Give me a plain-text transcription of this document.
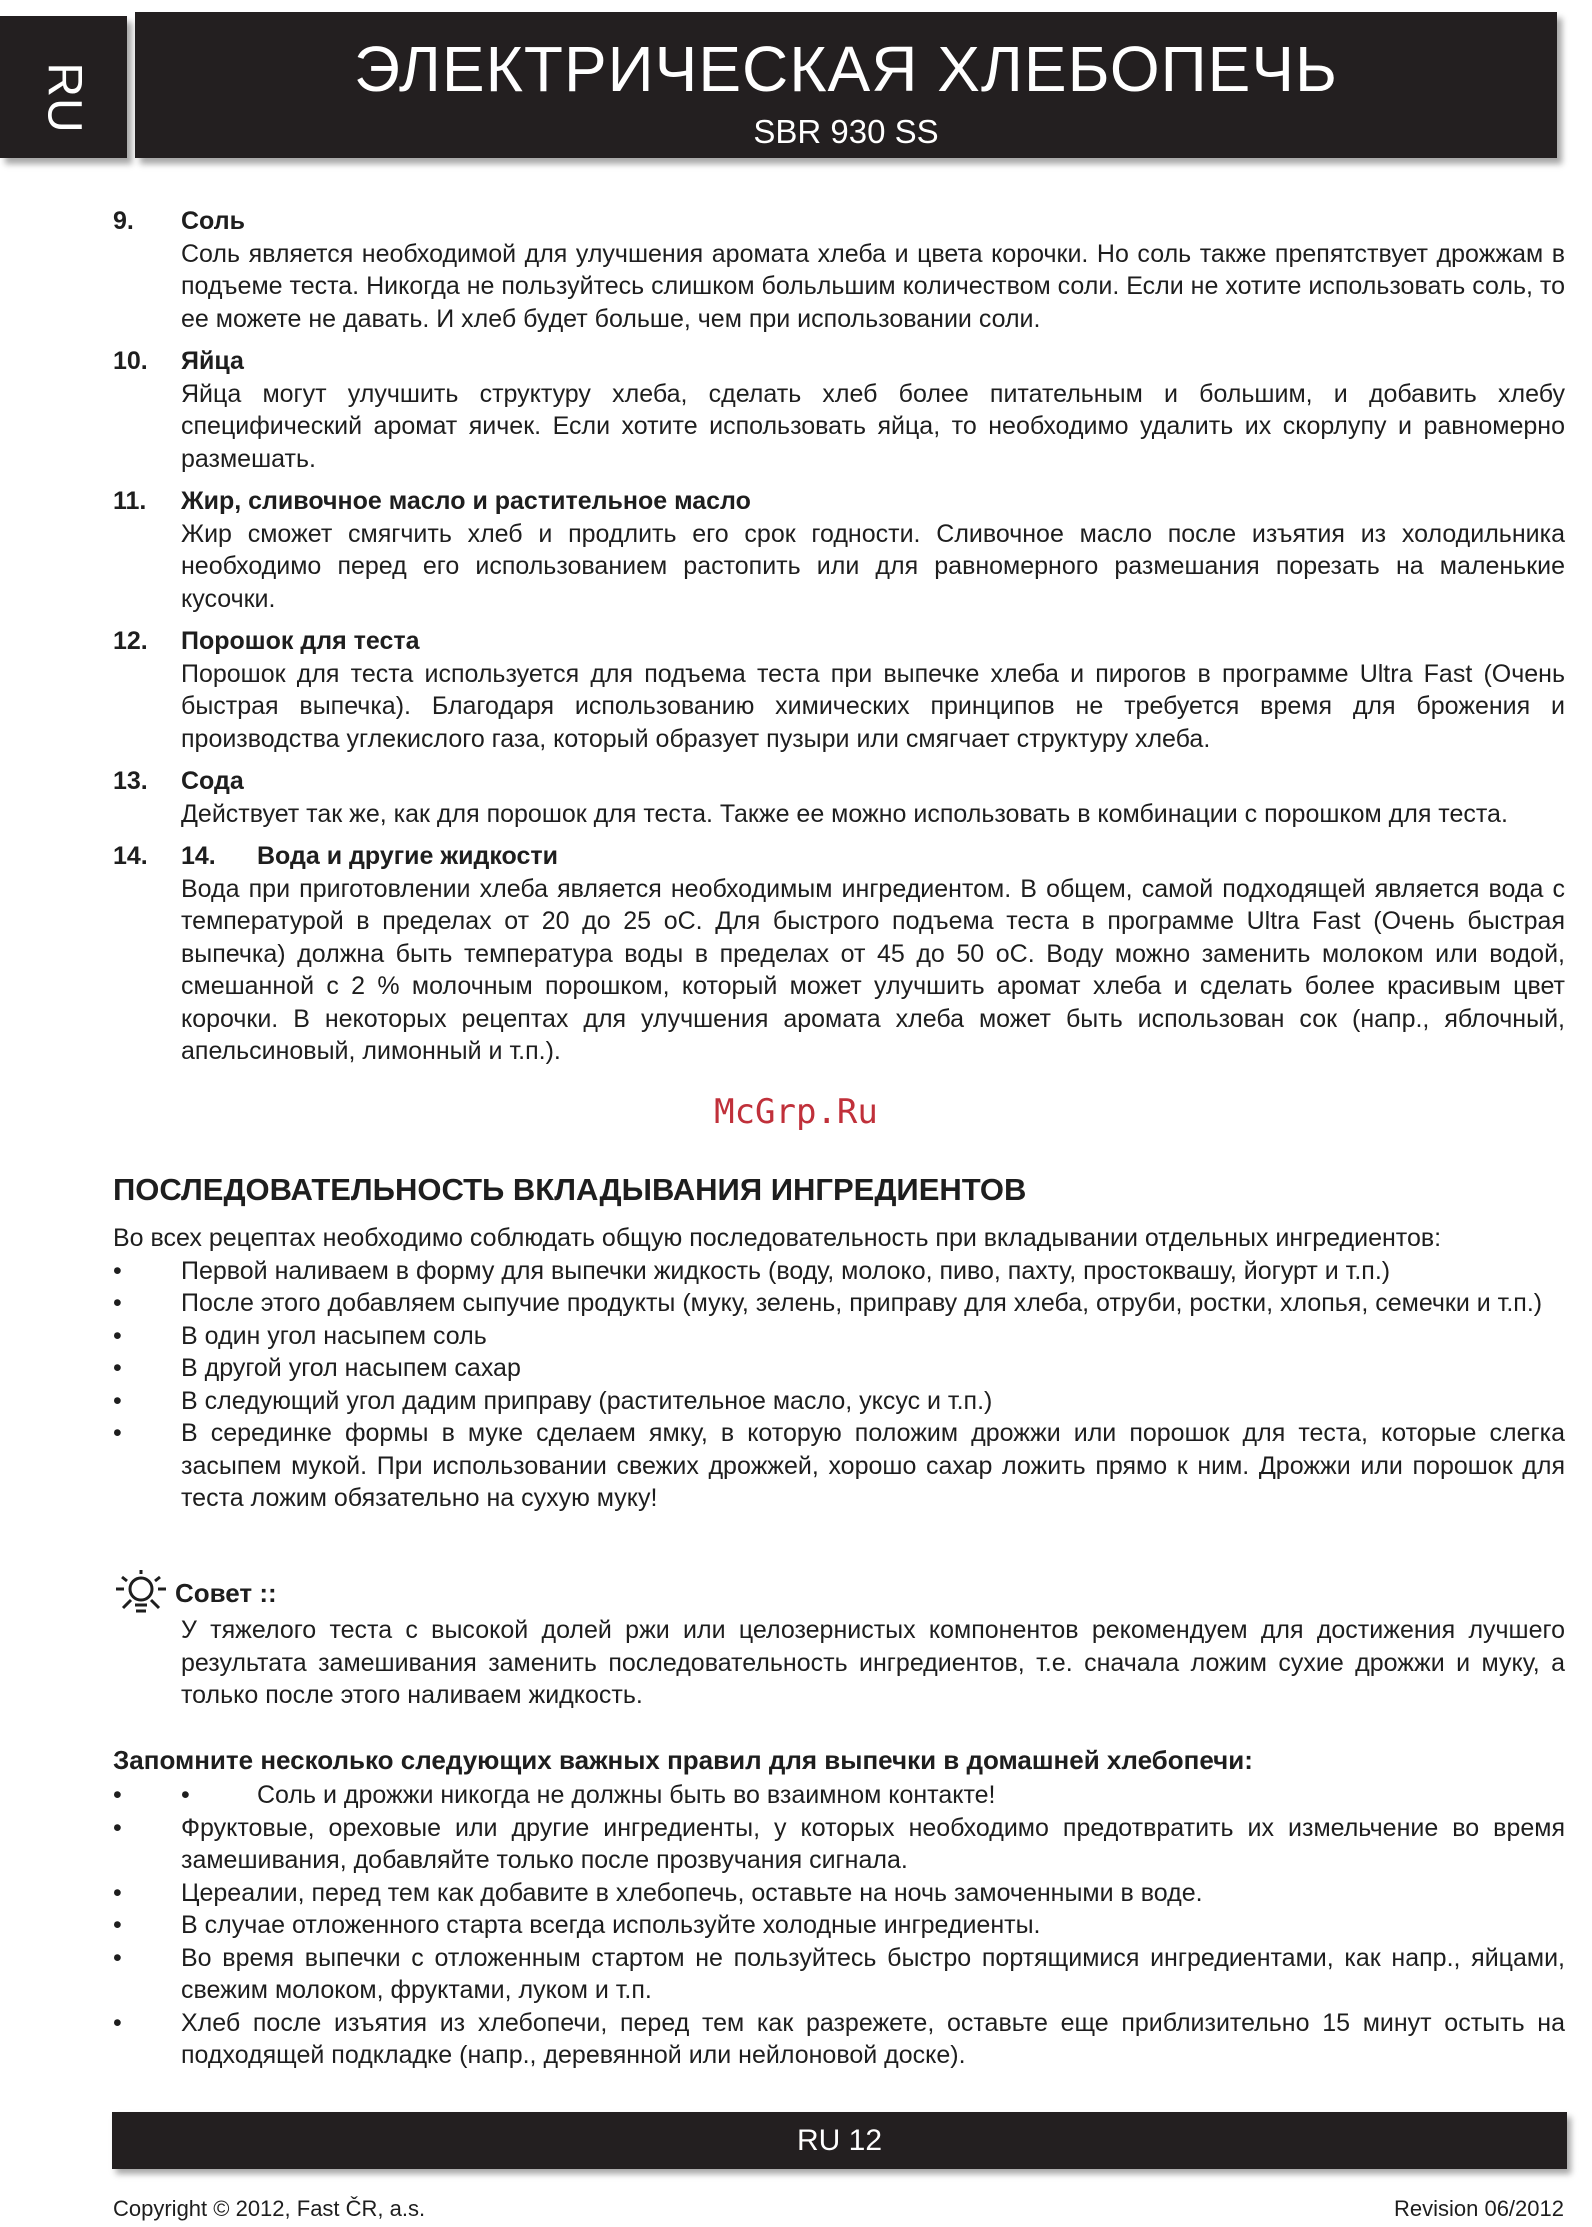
RU	ЭЛЕКТРИЧЕСКАЯ ХЛЕБОПЕЧЬ
SBR 930 SS
9.	Соль
Соль является необходимой для улучшения аромата хлеба и цвета корочки. Но соль также препятствует дрожжам в подъеме теста. Никогда не пользуйтесь слишком больльшим количеством соли. Если не хотите использовать соль, то ее можете не давать. И хлеб будет больше, чем при использовании соли.
10.	Яйца
Яйца могут улучшить структуру хлеба, сделать хлеб более питательным и большим, и добавить хлебу специфический аромат яичек. Если хотите использовать яйца, то необходимо удалить их скорлупу и равномерно размешать.
11.	Жир, сливочное масло и растительное масло
Жир сможет смягчить хлеб и продлить его срок годности. Сливочное масло после изъятия из холодильника необходимо перед его использованием растопить или для равномерного размешания порезать на маленькие кусочки.
12.	Порошок для теста
Порошок для теста используется для подъема теста при выпечке хлеба и пирогов в программе Ultra Fast (Очень быстрая выпечка). Благодаря использованию химических принципов не требуется время для брожения и производства углекислого газа, который образует пузыри или смягчает структуру хлеба.
13.	Сода
Действует так же, как для порошок для теста. Также ее можно использовать в комбинации с порошком для теста.
14.	14. Вода и другие жидкости
Вода при приготовлении хлеба является необходимым ингредиентом. В общем, самой подходящей является вода с температурой в пределах от 20 до 25 оС. Для быстрого подъема теста в программе Ultra Fast (Очень быстрая выпечка) должна быть температура воды в пределах от 45 до 50 оС. Воду можно заменить молоком или водой, смешанной с 2 % молочным порошком, который может улучшить аромат хлеба и сделать более красивым цвет корочки. В некоторых рецептах для улучшения аромата хлеба может быть использован сок (напр., яблочный, апельсиновый, лимонный и т.п.).
McGrp.Ru
ПОСЛЕДОВАТЕЛЬНОСТЬ ВКЛАДЫВАНИЯ ИНГРЕДИЕНТОВ
Во всех рецептах необходимо соблюдать общую последовательность при вкладывании отдельных ингредиентов:
•	Первой наливаем в форму для выпечки жидкость (воду, молоко, пиво, пахту, простоквашу, йогурт и т.п.)
•	После этого добавляем сыпучие продукты (муку, зелень, приправу для хлеба, отруби, ростки, хлопья, семечки и т.п.)
•	В один угол насыпем соль
•	В другой угол насыпем сахар
•	В следующий угол дадим приправу (растительное масло, уксус и т.п.)
•	В серединке формы в муке сделаем ямку, в которую положим дрожжи или порошок для теста, которые слегка засыпем мукой. При использовании свежих дрожжей, хорошо сахар ложить прямо к ним. Дрожжи или порошок для теста ложим обязательно на сухую муку!
Совет ::
У тяжелого теста с высокой долей ржи или целозернистых компонентов рекомендуем для достижения лучшего результата замешивания заменить последовательность ингредиентов, т.е. сначала ложим сухие дрожжи и муку, а только после этого наливаем жидкость.
Запомните несколько следующих важных правил для выпечки в домашней хлебопечи:
•	•	Соль и дрожжи никогда не должны быть во взаимном контакте!
•	Фруктовые, ореховые или другие ингредиенты, у которых необходимо предотвратить их измельчение во время замешивания, добавляйте только после прозвучания сигнала.
•	Цереалии, перед тем как добавите в хлебопечь, оставьте на ночь замоченными в воде.
•	В случае отложенного старта всегда используйте холодные ингредиенты.
•	Во время выпечки с отложенным стартом не пользуйтесь быстро портящимися ингредиентами, как напр., яйцами, свежим молоком, фруктами, луком и т.п.
•	Хлеб после изъятия из хлебопечи, перед тем как разрежете, оставьте еще приблизительно 15 минут остыть на подходящей подкладке (напр., деревянной или нейлоновой доске).
RU 12
Copyright © 2012, Fast ČR, a.s.	Revision 06/2012
